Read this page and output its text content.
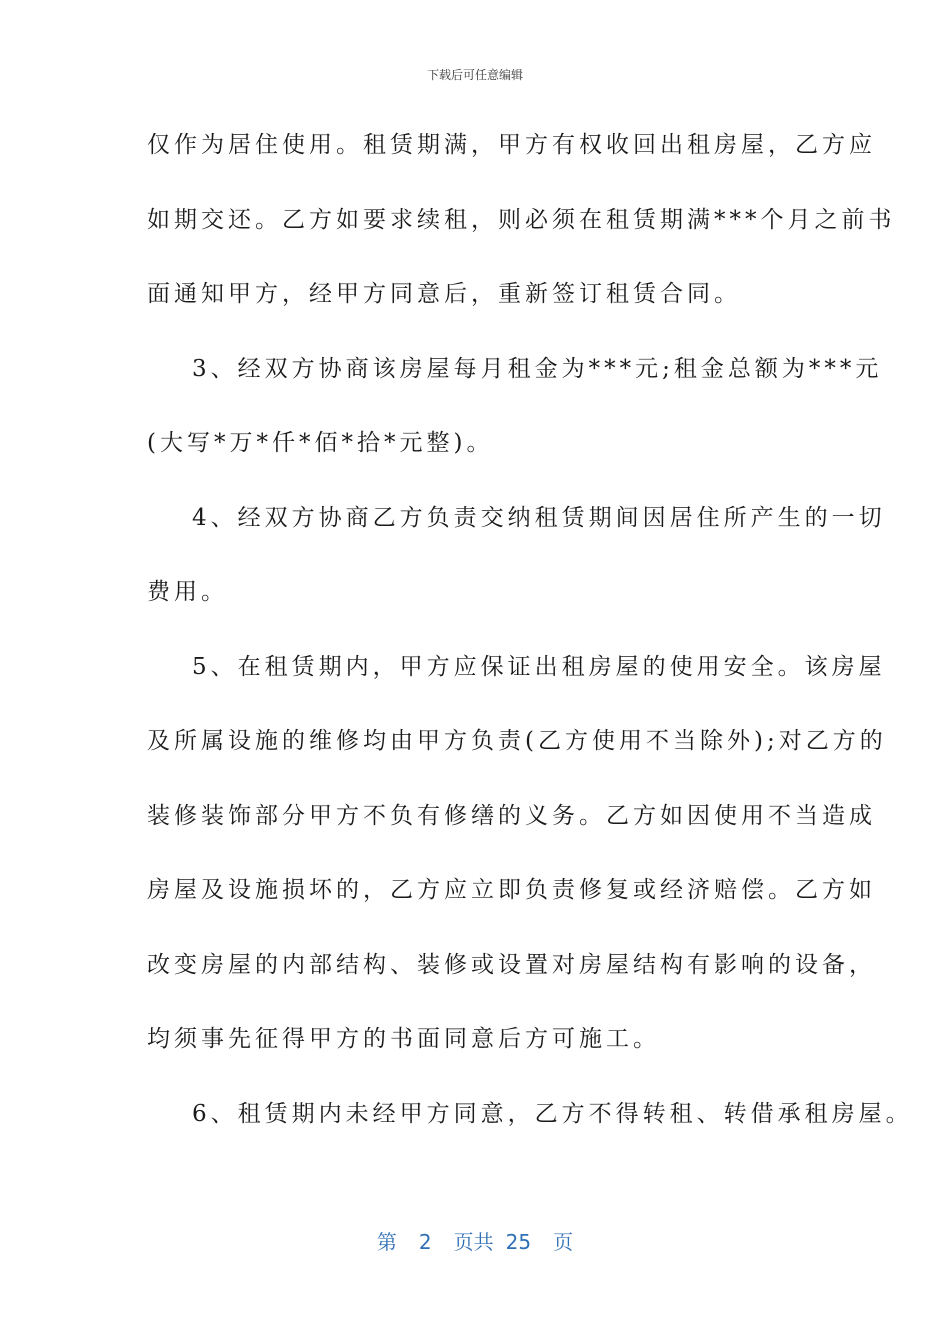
下载后可任意编辑
仅作为居住使用。租赁期满，甲方有权收回出租房屋，乙方应
如期交还。乙方如要求续租，则必须在租赁期满***个月之前书
面通知甲方，经甲方同意后，重新签订租赁合同。
3、经双方协商该房屋每月租金为***元;租金总额为***元
(大写*万*仟*佰*拾*元整)。
4、经双方协商乙方负责交纳租赁期间因居住所产生的一切
费用。
5、在租赁期内，甲方应保证出租房屋的使用安全。该房屋
及所属设施的维修均由甲方负责(乙方使用不当除外);对乙方的
装修装饰部分甲方不负有修缮的义务。乙方如因使用不当造成
房屋及设施损坏的，乙方应立即负责修复或经济赔偿。乙方如
改变房屋的内部结构、装修或设置对房屋结构有影响的设备，
均须事先征得甲方的书面同意后方可施工。
6、租赁期内未经甲方同意，乙方不得转租、转借承租房屋。
第 2 页共 25 页
